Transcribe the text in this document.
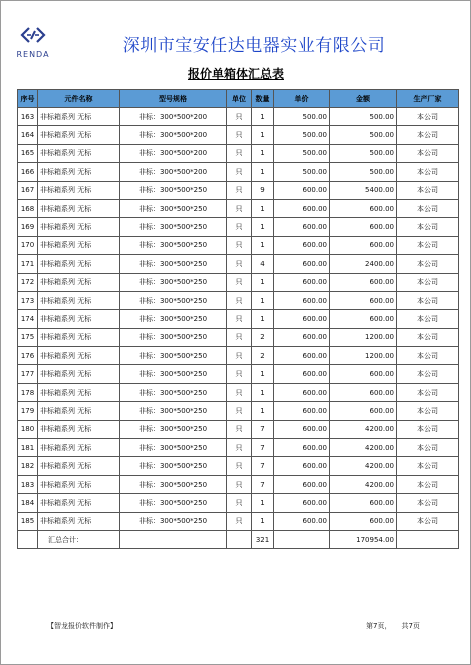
RENDA	深圳市宝安任达电器实业有限公司
报价单箱体汇总表
序号	元件名称	型号规格	单位	数量	单价	金额	生产厂家
163	非标箱系列 无标	非标：300*500*200	只	1	500.00	500.00	本公司
164	非标箱系列 无标	非标：300*500*200	只	1	500.00	500.00	本公司
165	非标箱系列 无标	非标：300*500*200	只	1	500.00	500.00	本公司
166	非标箱系列 无标	非标：300*500*200	只	1	500.00	500.00	本公司
167	非标箱系列 无标	非标：300*500*250	只	9	600.00	5400.00	本公司
168	非标箱系列 无标	非标：300*500*250	只	1	600.00	600.00	本公司
169	非标箱系列 无标	非标：300*500*250	只	1	600.00	600.00	本公司
170	非标箱系列 无标	非标：300*500*250	只	1	600.00	600.00	本公司
171	非标箱系列 无标	非标：300*500*250	只	4	600.00	2400.00	本公司
172	非标箱系列 无标	非标：300*500*250	只	1	600.00	600.00	本公司
173	非标箱系列 无标	非标：300*500*250	只	1	600.00	600.00	本公司
174	非标箱系列 无标	非标：300*500*250	只	1	600.00	600.00	本公司
175	非标箱系列 无标	非标：300*500*250	只	2	600.00	1200.00	本公司
176	非标箱系列 无标	非标：300*500*250	只	2	600.00	1200.00	本公司
177	非标箱系列 无标	非标：300*500*250	只	1	600.00	600.00	本公司
178	非标箱系列 无标	非标：300*500*250	只	1	600.00	600.00	本公司
179	非标箱系列 无标	非标：300*500*250	只	1	600.00	600.00	本公司
180	非标箱系列 无标	非标：300*500*250	只	7	600.00	4200.00	本公司
181	非标箱系列 无标	非标：300*500*250	只	7	600.00	4200.00	本公司
182	非标箱系列 无标	非标：300*500*250	只	7	600.00	4200.00	本公司
183	非标箱系列 无标	非标：300*500*250	只	7	600.00	4200.00	本公司
184	非标箱系列 无标	非标：300*500*250	只	1	600.00	600.00	本公司
185	非标箱系列 无标	非标：300*500*250	只	1	600.00	600.00	本公司
	汇总合计：			321		170954.00	
【智龙报价软件制作】	第7页， 共7页
